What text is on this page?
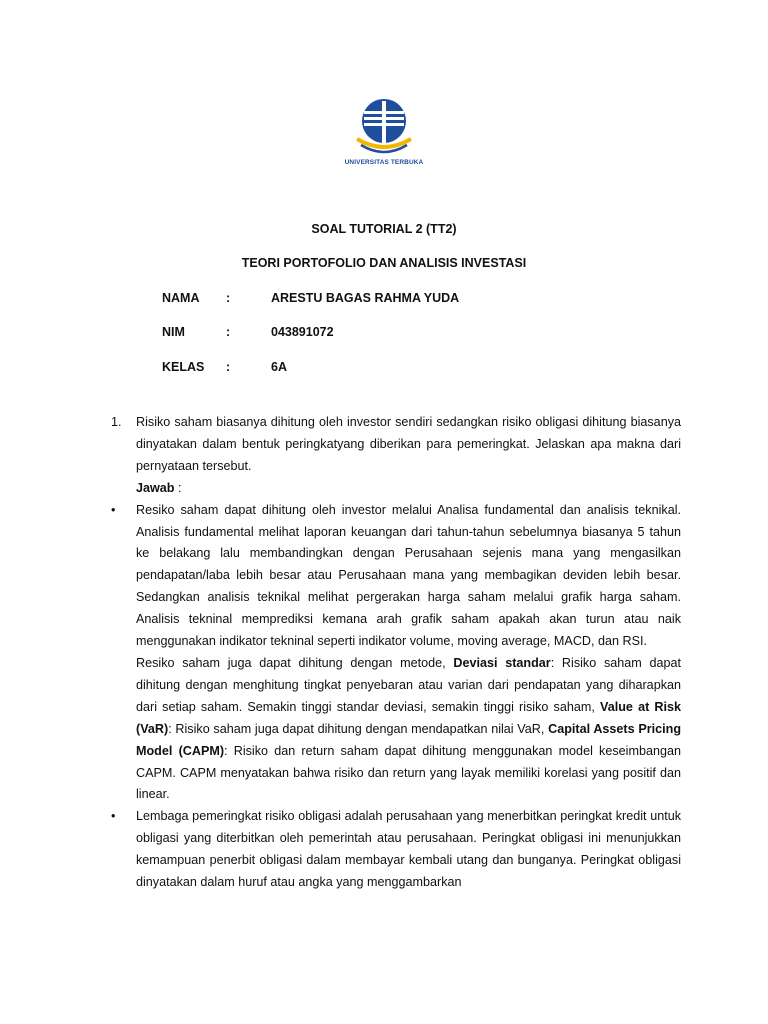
UNIVERSITAS TERBUKA
SOAL TUTORIAL 2 (TT2)
TEORI PORTOFOLIO DAN ANALISIS INVESTASI
NAMA :	ARESTU BAGAS RAHMA YUDA
NIM	:	043891072
KELAS :	6A
1. Risiko saham biasanya dihitung oleh investor sendiri sedangkan risiko obligasi dihitung biasanya dinyatakan dalam bentuk peringkatyang diberikan para pemeringkat. Jelaskan apa makna dari pernyataan tersebut.
Jawab :
• Resiko saham dapat dihitung oleh investor melalui Analisa fundamental dan analisis teknikal. Analisis fundamental melihat laporan keuangan dari tahun-tahun sebelumnya biasanya 5 tahun ke belakang lalu membandingkan dengan Perusahaan sejenis mana yang mengasilkan pendapatan/laba lebih besar atau Perusahaan mana yang membagikan deviden lebih besar. Sedangkan analisis teknikal melihat pergerakan harga saham melalui grafik harga saham. Analisis tekninal memprediksi kemana arah grafik saham apakah akan turun atau naik menggunakan indikator tekninal seperti indikator volume, moving average, MACD, dan RSI.
Resiko saham juga dapat dihitung dengan metode, Deviasi standar: Risiko saham dapat dihitung dengan menghitung tingkat penyebaran atau varian dari pendapatan yang diharapkan dari setiap saham. Semakin tinggi standar deviasi, semakin tinggi risiko saham, Value at Risk (VaR): Risiko saham juga dapat dihitung dengan mendapatkan nilai VaR, Capital Assets Pricing Model (CAPM): Risiko dan return saham dapat dihitung menggunakan model keseimbangan CAPM. CAPM menyatakan bahwa risiko dan return yang layak memiliki korelasi yang positif dan linear.
• Lembaga pemeringkat risiko obligasi adalah perusahaan yang menerbitkan peringkat kredit untuk obligasi yang diterbitkan oleh pemerintah atau perusahaan. Peringkat obligasi ini menunjukkan kemampuan penerbit obligasi dalam membayar kembali utang dan bunganya. Peringkat obligasi dinyatakan dalam huruf atau angka yang menggambarkan
